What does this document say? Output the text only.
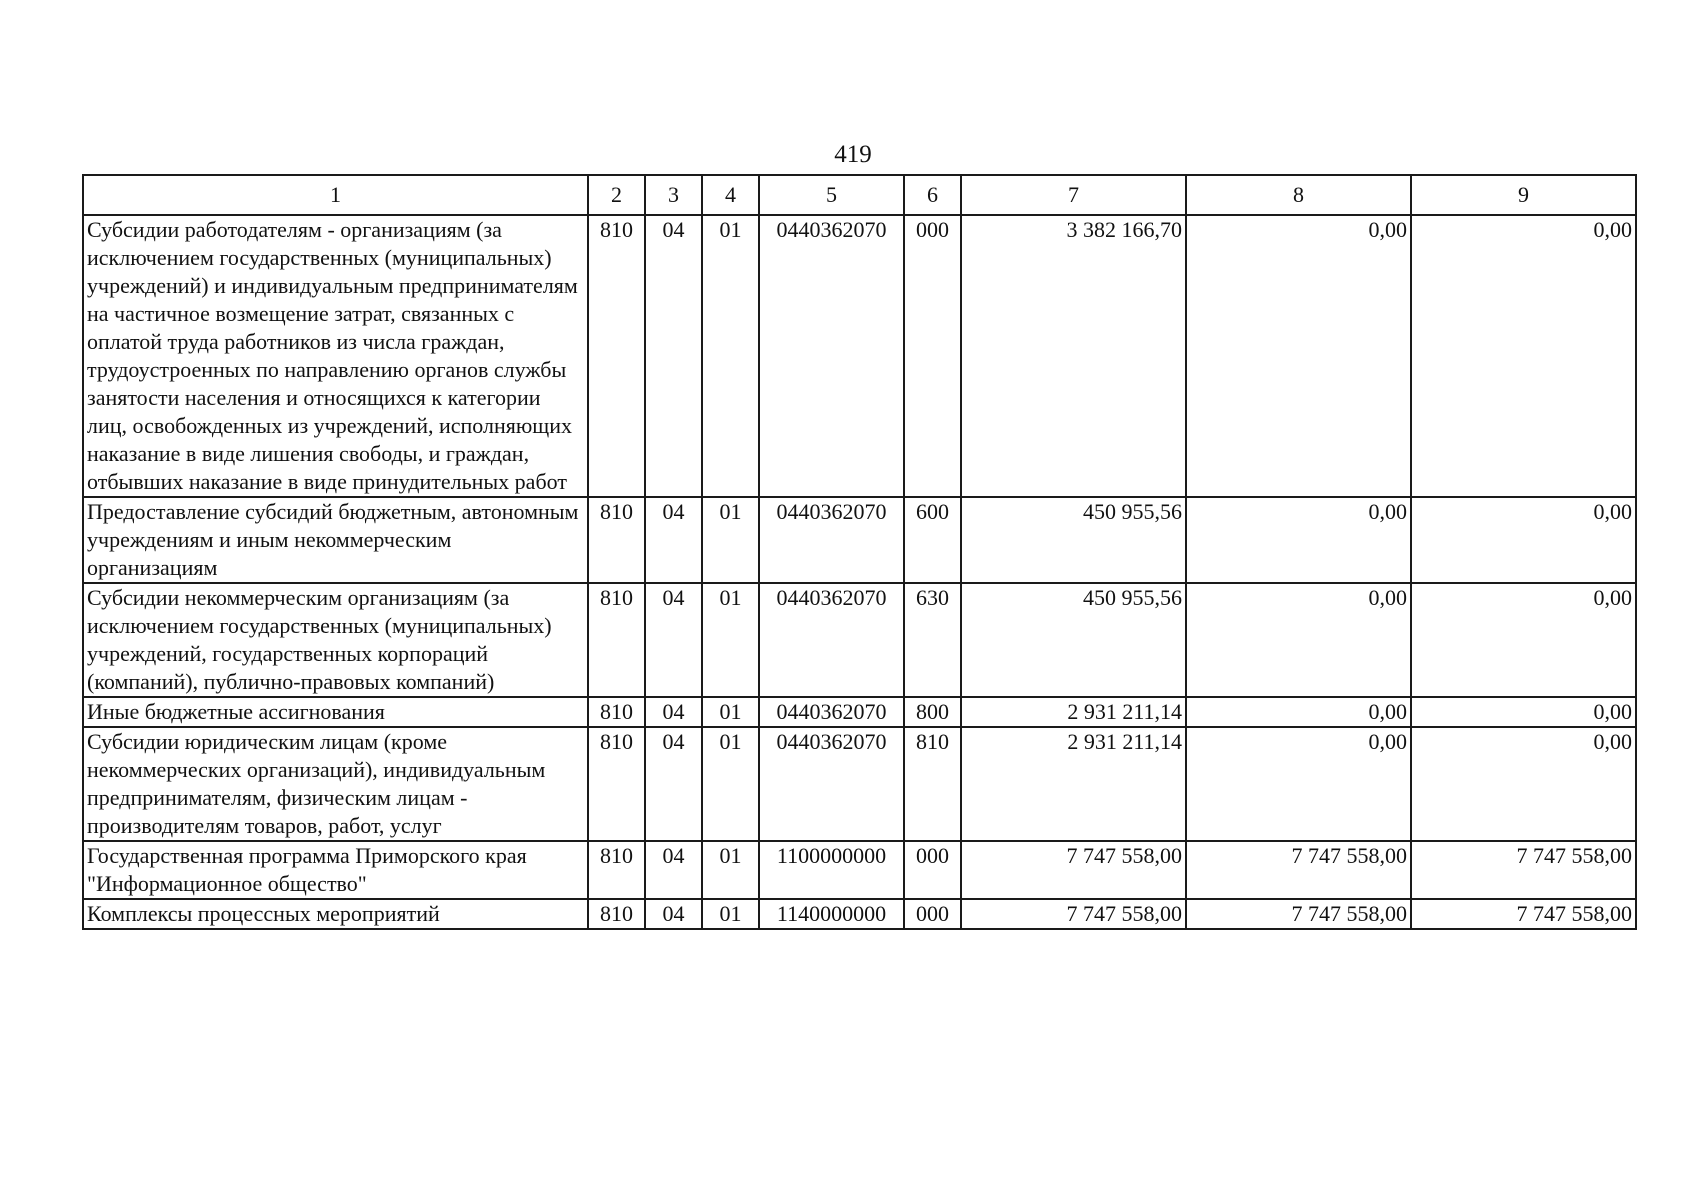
419
1	2	3	4	5	6	7	8	9
Субсидии работодателям - организациям (за исключением государственных (муниципальных) учреждений) и индивидуальным предпринимателям на частичное возмещение затрат, связанных с оплатой труда работников из числа граждан, трудоустроенных по направлению органов службы занятости населения и относящихся к категории лиц, освобожденных из учреждений, исполняющих наказание в виде лишения свободы, и граждан, отбывших наказание в виде принудительных работ	810	04	01	0440362070	000	3 382 166,70	0,00	0,00
Предоставление субсидий бюджетным, автономным учреждениям и иным некоммерческим организациям	810	04	01	0440362070	600	450 955,56	0,00	0,00
Субсидии некоммерческим организациям (за исключением государственных (муниципальных) учреждений, государственных корпораций (компаний), публично-правовых компаний)	810	04	01	0440362070	630	450 955,56	0,00	0,00
Иные бюджетные ассигнования	810	04	01	0440362070	800	2 931 211,14	0,00	0,00
Субсидии юридическим лицам (кроме некоммерческих организаций), индивидуальным предпринимателям, физическим лицам - производителям товаров, работ, услуг	810	04	01	0440362070	810	2 931 211,14	0,00	0,00
Государственная программа Приморского края "Информационное общество"	810	04	01	1100000000	000	7 747 558,00	7 747 558,00	7 747 558,00
Комплексы процессных мероприятий	810	04	01	1140000000	000	7 747 558,00	7 747 558,00	7 747 558,00
